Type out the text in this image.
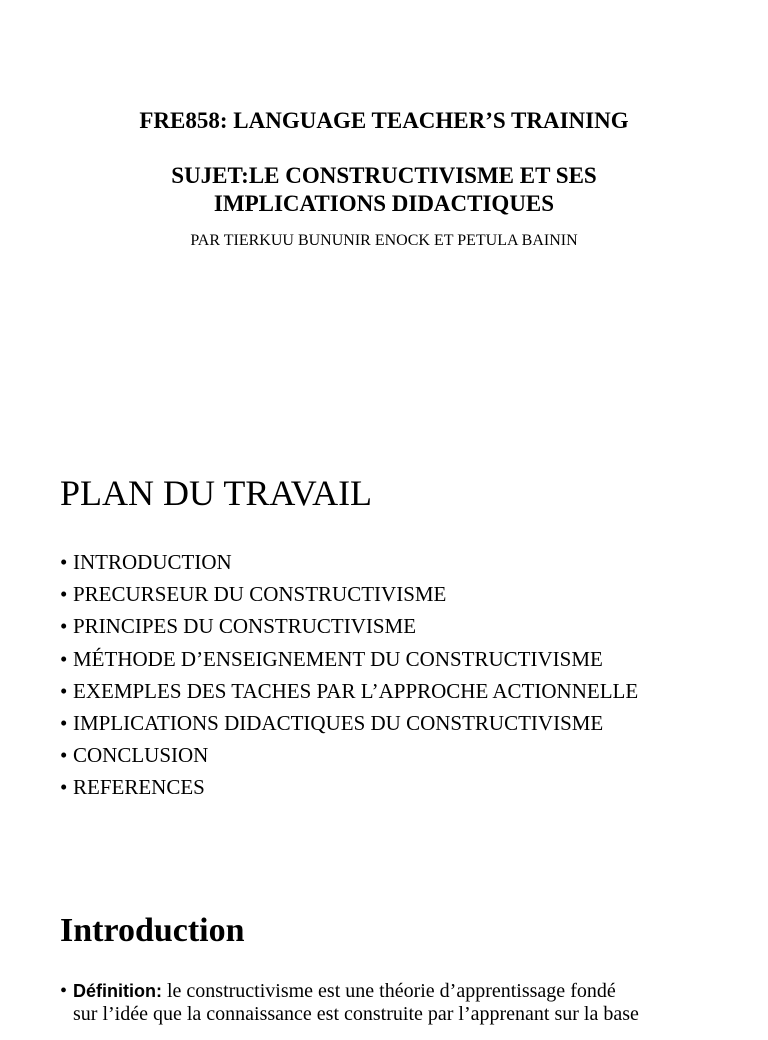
FRE858: LANGUAGE TEACHER’S TRAINING
SUJET:LE CONSTRUCTIVISME ET SES
IMPLICATIONS DIDACTIQUES
PAR TIERKUU BUNUNIR ENOCK ET PETULA BAININ
PLAN DU TRAVAIL
• INTRODUCTION
• PRECURSEUR DU CONSTRUCTIVISME
• PRINCIPES DU CONSTRUCTIVISME
• MÉTHODE D’ENSEIGNEMENT DU CONSTRUCTIVISME
• EXEMPLES DES TACHES PAR L’APPROCHE ACTIONNELLE
• IMPLICATIONS DIDACTIQUES DU CONSTRUCTIVISME
• CONCLUSION
• REFERENCES
Introduction
• Définition: le constructivisme est une théorie d’apprentissage fondé
sur l’idée que la connaissance est construite par l’apprenant sur la base
